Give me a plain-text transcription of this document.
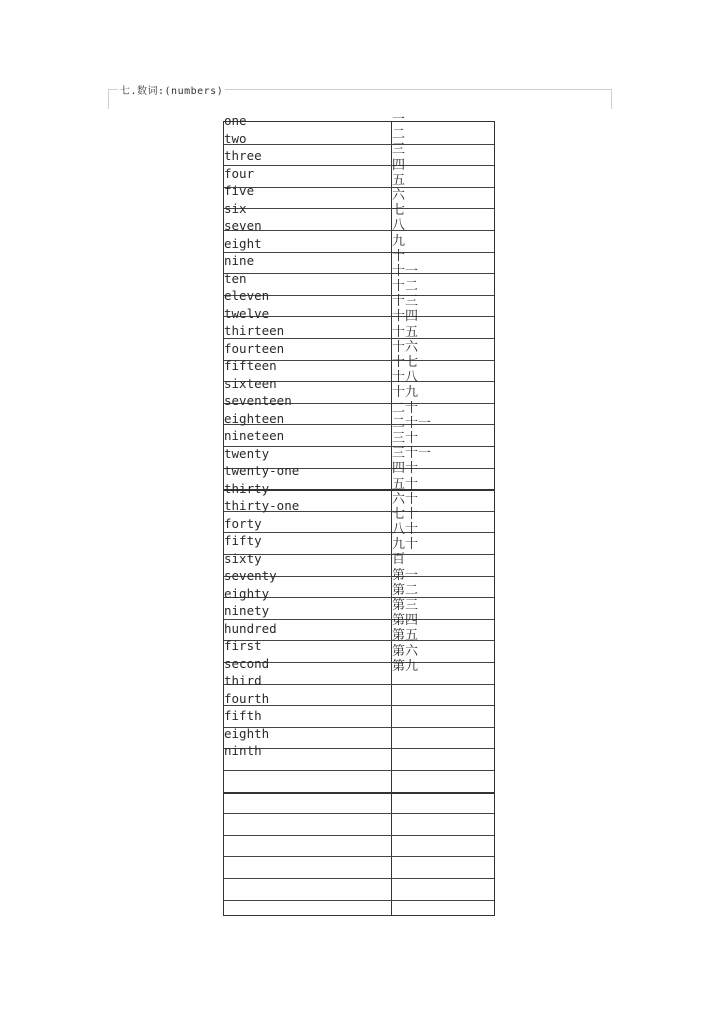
七.数词:(numbers)
one
two
three
four
five
six
seven
eight
nine
ten
eleven
twelve
thirteen
fourteen
fifteen
sixteen
seventeen
eighteen
nineteen
twenty
twenty-one
thirty
thirty-one
forty
fifty
sixty
seventy
eighty
ninety
hundred
first
second
third
fourth
fifth
eighth
ninth
一
二
三
四
五
六
七
八
九
十
十一
十二
十三
十四
十五
十六
十七
十八
十九
二十
二十一
三十
三十一
四十
五十
六十
七十
八十
九十
百
第一
第二
第三
第四
第五
第六
第九
